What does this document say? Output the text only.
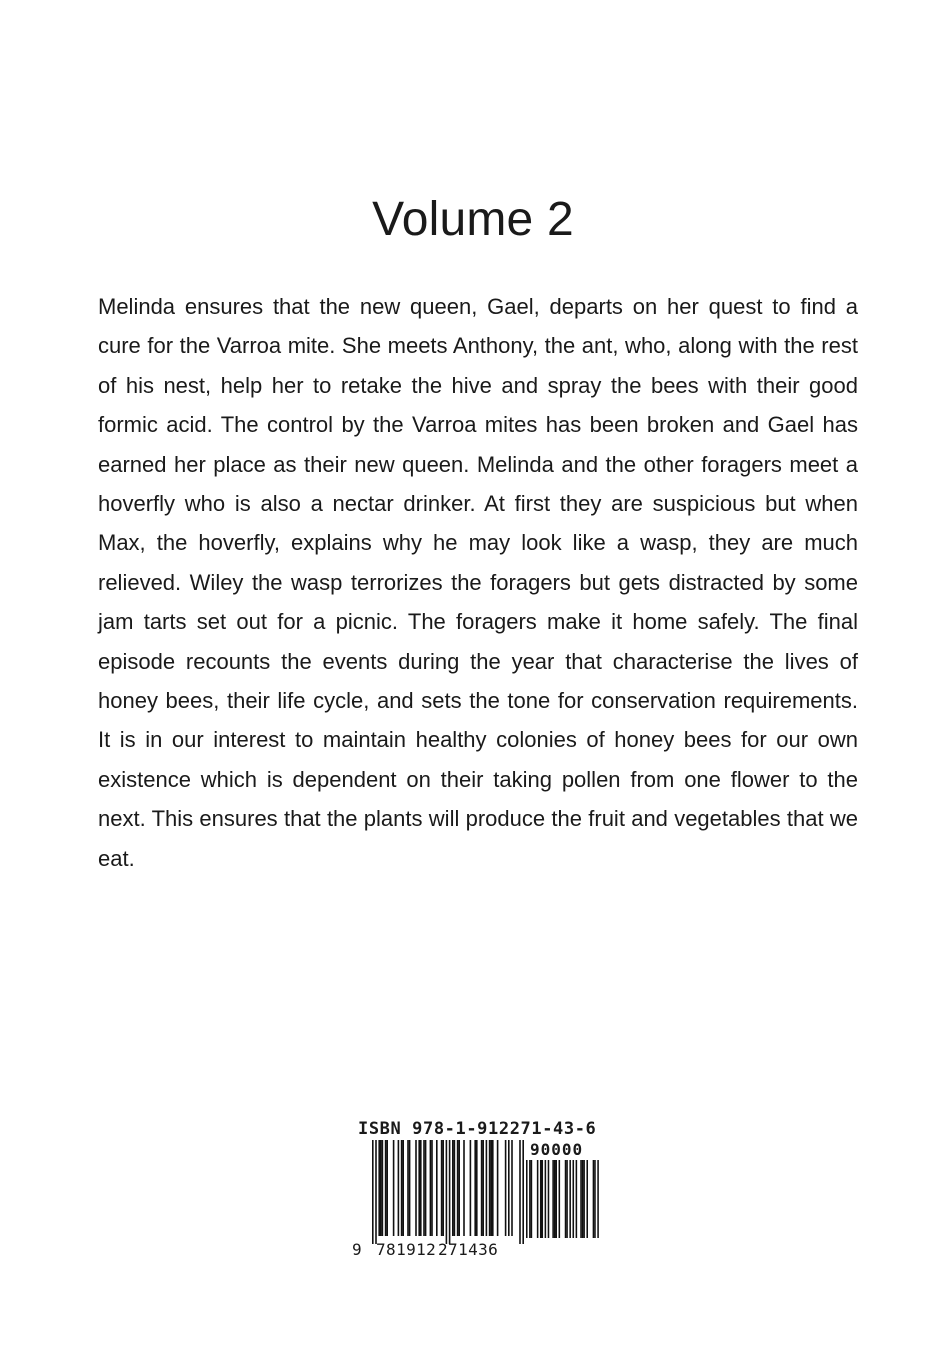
Volume 2

Melinda ensures that the new queen, Gael, departs on her quest to find a cure for the Varroa mite. She meets Anthony, the ant, who, along with the rest of his nest, help her to retake the hive and spray the bees with their good formic acid. The control by the Varroa mites has been broken and Gael has earned her place as their new queen. Melinda and the other foragers meet a hoverfly who is also a nectar drinker. At first they are suspicious but when Max, the hoverfly, explains why he may look like a wasp, they are much relieved. Wiley the wasp terrorizes the foragers but gets distracted by some jam tarts set out for a picnic. The foragers make it home safely. The final episode recounts the events during the year that characterise the lives of honey bees, their life cycle, and sets the tone for conservation requirements. It is in our interest to maintain healthy colonies of honey bees for our own existence which is dependent on their taking pollen from one flower to the next. This ensures that the plants will produce the fruit and vegetables that we eat.

ISBN 978-1-912271-43-6
90000
9 781912 271436
